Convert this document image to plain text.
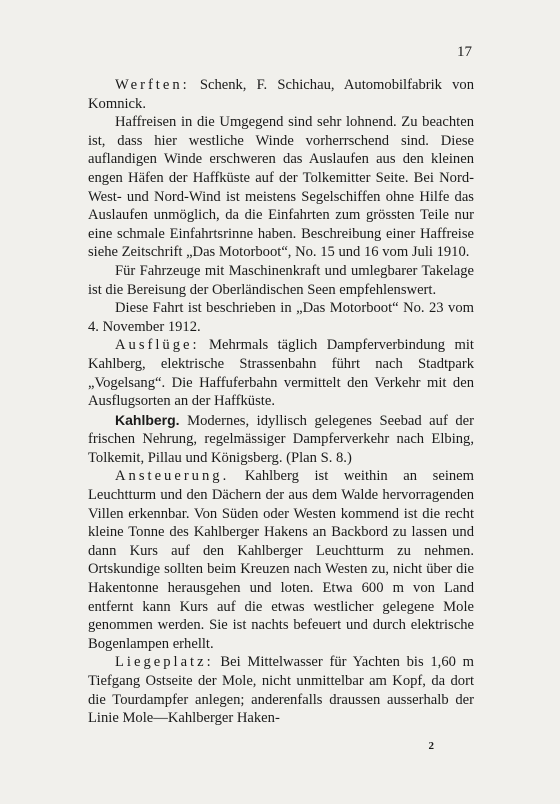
17

Werften: Schenk, F. Schichau, Automobilfabrik von Komnick.

Haffreisen in die Umgegend sind sehr lohnend. Zu beachten ist, dass hier westliche Winde vorherrschend sind. Diese auflandigen Winde erschweren das Auslaufen aus den kleinen engen Häfen der Haffküste auf der Tolkemitter Seite. Bei Nord-West- und Nord-Wind ist meistens Segelschiffen ohne Hilfe das Auslaufen unmöglich, da die Einfahrten zum grössten Teile nur eine schmale Einfahrtsrinne haben. Beschreibung einer Haffreise siehe Zeitschrift „Das Motorboot“, No. 15 und 16 vom Juli 1910.

Für Fahrzeuge mit Maschinenkraft und umlegbarer Takelage ist die Bereisung der Oberländischen Seen empfehlenswert.

Diese Fahrt ist beschrieben in „Das Motorboot“ No. 23 vom 4. November 1912.

Ausflüge: Mehrmals täglich Dampferverbindung mit Kahlberg, elektrische Strassenbahn führt nach Stadtpark „Vogelsang“. Die Haffuferbahn vermittelt den Verkehr mit den Ausflugsorten an der Haffküste.

Kahlberg. Modernes, idyllisch gelegenes Seebad auf der frischen Nehrung, regelmässiger Dampferverkehr nach Elbing, Tolkemit, Pillau und Königsberg. (Plan S. 8.)

Ansteuerung. Kahlberg ist weithin an seinem Leuchtturm und den Dächern der aus dem Walde hervorragenden Villen erkennbar. Von Süden oder Westen kommend ist die recht kleine Tonne des Kahlberger Hakens an Backbord zu lassen und dann Kurs auf den Kahlberger Leuchtturm zu nehmen. Ortskundige sollten beim Kreuzen nach Westen zu, nicht über die Hakentonne herausgehen und loten. Etwa 600 m von Land entfernt kann Kurs auf die etwas westlicher gelegene Mole genommen werden. Sie ist nachts befeuert und durch elektrische Bogenlampen erhellt.

Liegeplatz: Bei Mittelwasser für Yachten bis 1,60 m Tiefgang Ostseite der Mole, nicht unmittelbar am Kopf, da dort die Tourdampfer anlegen; anderenfalls draussen ausserhalb der Linie Mole—Kahlberger Haken-

2
